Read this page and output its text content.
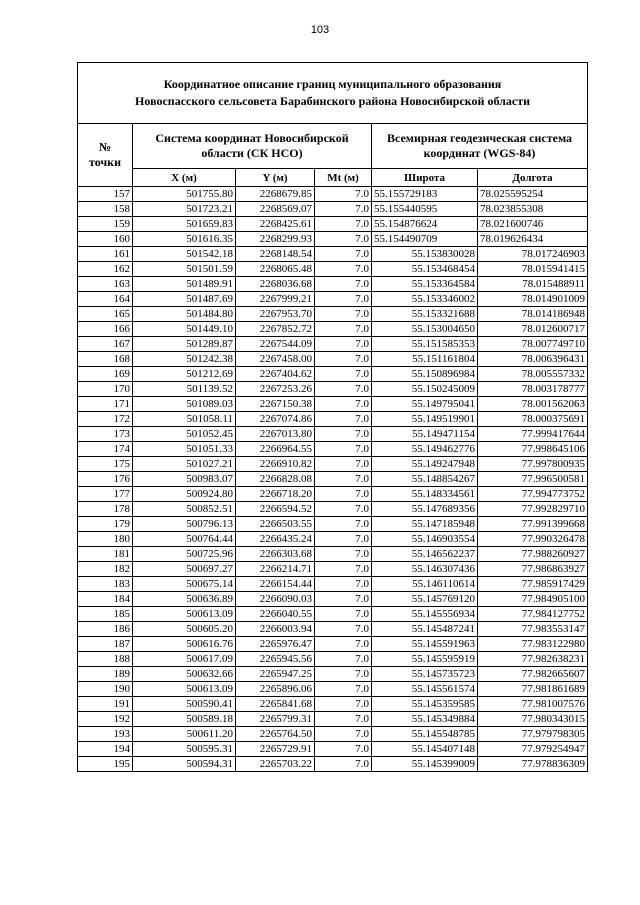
103
Координатное описание границ муниципального образования
Новоспасского сельсовета Барабинского района Новосибирской области					

№
точки	Система координат Новосибирской области (СК НСО)			Всемирная геодезическая система координат (WGS-84)	
	X (м)	Y (м)	Mt (м)	Широта	Долгота
157	501755.80	2268679.85	7.0	55.155729183	78.025595254
158	501723.21	2268569.07	7.0	55.155440595	78.023855308
159	501659.83	2268425.61	7.0	55.154876624	78.021600746
160	501616.35	2268299.93	7.0	55.154490709	78.019626434
161	501542.18	2268148.54	7.0	55.153830028	78.017246903
162	501501.59	2268065.48	7.0	55.153468454	78.015941415
163	501489.91	2268036.68	7.0	55.153364584	78.015488911
164	501487.69	2267999.21	7.0	55.153346002	78.014901009
165	501484.80	2267953.70	7.0	55.153321688	78.014186948
166	501449.10	2267852.72	7.0	55.153004650	78.012600717
167	501289.87	2267544.09	7.0	55.151585353	78.007749710
168	501242.38	2267458.00	7.0	55.151161804	78.006396431
169	501212.69	2267404.62	7.0	55.150896984	78.005557332
170	501139.52	2267253.26	7.0	55.150245009	78.003178777
171	501089.03	2267150.38	7.0	55.149795041	78.001562063
172	501058.11	2267074.86	7.0	55.149519901	78.000375691
173	501052.45	2267013.80	7.0	55.149471154	77.999417644
174	501051.33	2266964.55	7.0	55.149462776	77.998645106
175	501027.21	2266910.82	7.0	55.149247948	77.997800935
176	500983.07	2266828.08	7.0	55.148854267	77.996500581
177	500924.80	2266718.20	7.0	55.148334561	77.994773752
178	500852.51	2266594.52	7.0	55.147689356	77.992829710
179	500796.13	2266503.55	7.0	55.147185948	77.991399668
180	500764.44	2266435.24	7.0	55.146903554	77.990326478
181	500725.96	2266303.68	7.0	55.146562237	77.988260927
182	500697.27	2266214.71	7.0	55.146307436	77.986863927
183	500675.14	2266154.44	7.0	55.146110614	77.985917429
184	500636.89	2266090.03	7.0	55.145769120	77.984905100
185	500613.09	2266040.55	7.0	55.145556934	77.984127752
186	500605.20	2266003.94	7.0	55.145487241	77.983553147
187	500616.76	2265976.47	7.0	55.145591963	77.983122980
188	500617.09	2265945.56	7.0	55.145595919	77.982638231
189	500632.66	2265947.25	7.0	55.145735723	77.982665607
190	500613.09	2265896.06	7.0	55.145561574	77.981861689
191	500590.41	2265841.68	7.0	55.145359585	77.981007576
192	500589.18	2265799.31	7.0	55.145349884	77.980343015
193	500611.20	2265764.50	7.0	55.145548785	77.979798305
194	500595.31	2265729.91	7.0	55.145407148	77.979254947
195	500594.31	2265703.22	7.0	55.145399009	77.978836309
